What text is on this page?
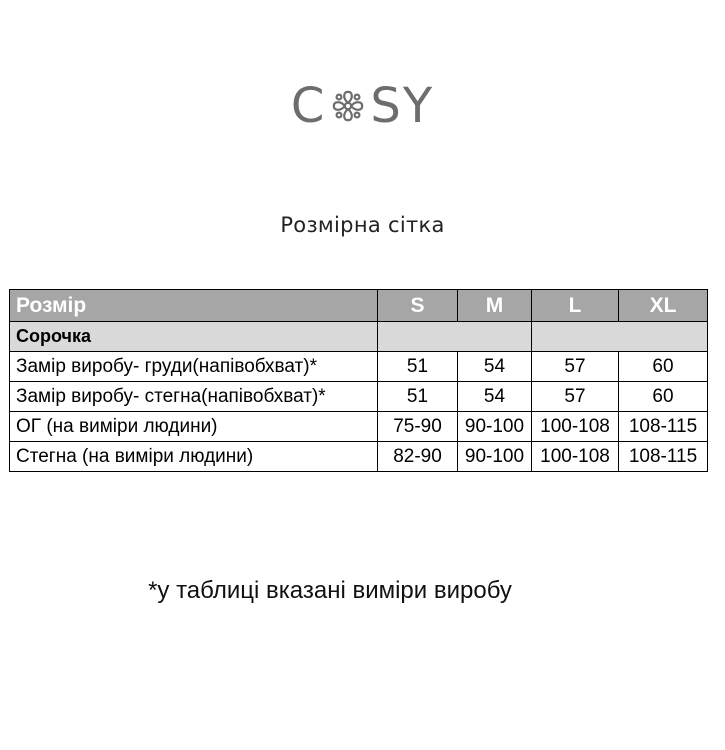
C SY
Розмірна сітка
Розмір	S	M	L	XL
Сорочка				
Замір виробу- груди(напівобхват)*	51	54	57	60
Замір виробу- стегна(напівобхват)*	51	54	57	60
ОГ (на виміри людини)	75-90	90-100	100-108	108-115
Стегна (на виміри людини)	82-90	90-100	100-108	108-115
*у таблиці вказані виміри виробу
